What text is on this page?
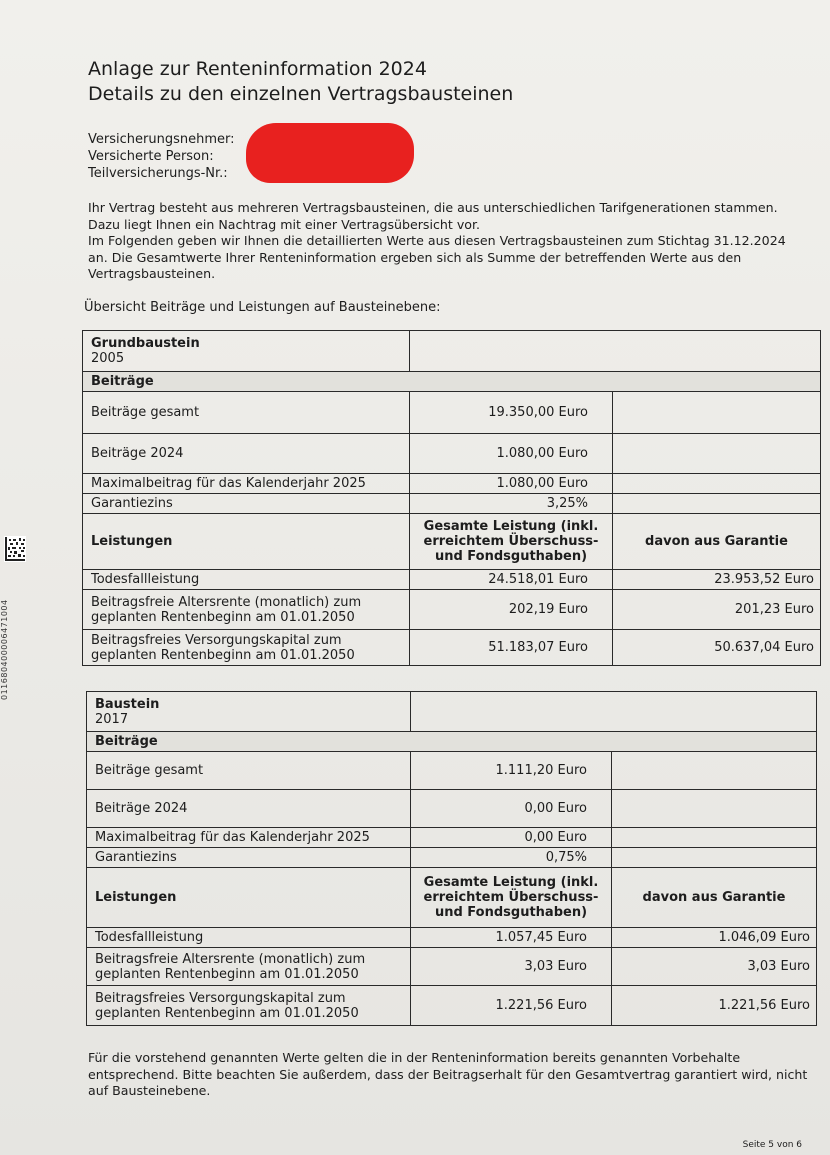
Anlage zur Renteninformation 2024
Details zu den einzelnen Vertragsbausteinen
Versicherungsnehmer:
Versicherte Person:
Teilversicherungs-Nr.:

Ihr Vertrag besteht aus mehreren Vertragsbausteinen, die aus unterschiedlichen Tarifgenerationen stammen. Dazu liegt Ihnen ein Nachtrag mit einer Vertragsübersicht vor.

Im Folgenden geben wir Ihnen die detaillierten Werte aus diesen Vertragsbausteinen zum Stichtag 31.12.2024 an. Die Gesamtwerte Ihrer Renteninformation ergeben sich als Summe der betreffenden Werte aus den Vertragsbausteinen.

Übersicht Beiträge und Leistungen auf Bausteinebene:
Grundbaustein
2005		

Beiträge		
Beiträge gesamt	19.350,00 Euro	
Beiträge 2024	1.080,00 Euro	
Maximalbeitrag für das Kalenderjahr 2025	1.080,00 Euro	
Garantiezins	3,25%	
Leistungen	Gesamte Leistung (inkl. erreichtem Überschuss- und Fondsguthaben)	davon aus Garantie
Todesfallleistung	24.518,01 Euro	23.953,52 Euro
Beitragsfreie Altersrente (monatlich) zum geplanten Rentenbeginn am 01.01.2050	202,19 Euro	201,23 Euro
Beitragsfreies Versorgungskapital zum geplanten Rentenbeginn am 01.01.2050	51.183,07 Euro	50.637,04 Euro
Baustein
2017		

Beiträge		
Beiträge gesamt	1.111,20 Euro	
Beiträge 2024	0,00 Euro	
Maximalbeitrag für das Kalenderjahr 2025	0,00 Euro	
Garantiezins	0,75%	
Leistungen	Gesamte Leistung (inkl. erreichtem Überschuss- und Fondsguthaben)	davon aus Garantie
Todesfallleistung	1.057,45 Euro	1.046,09 Euro
Beitragsfreie Altersrente (monatlich) zum geplanten Rentenbeginn am 01.01.2050	3,03 Euro	3,03 Euro
Beitragsfreies Versorgungskapital zum geplanten Rentenbeginn am 01.01.2050	1.221,56 Euro	1.221,56 Euro
Für die vorstehend genannten Werte gelten die in der Renteninformation bereits genannten Vorbehalte entsprechend. Bitte beachten Sie außerdem, dass der Beitragserhalt für den Gesamtvertrag garantiert wird, nicht auf Bausteinebene.
Seite 5 von 6
